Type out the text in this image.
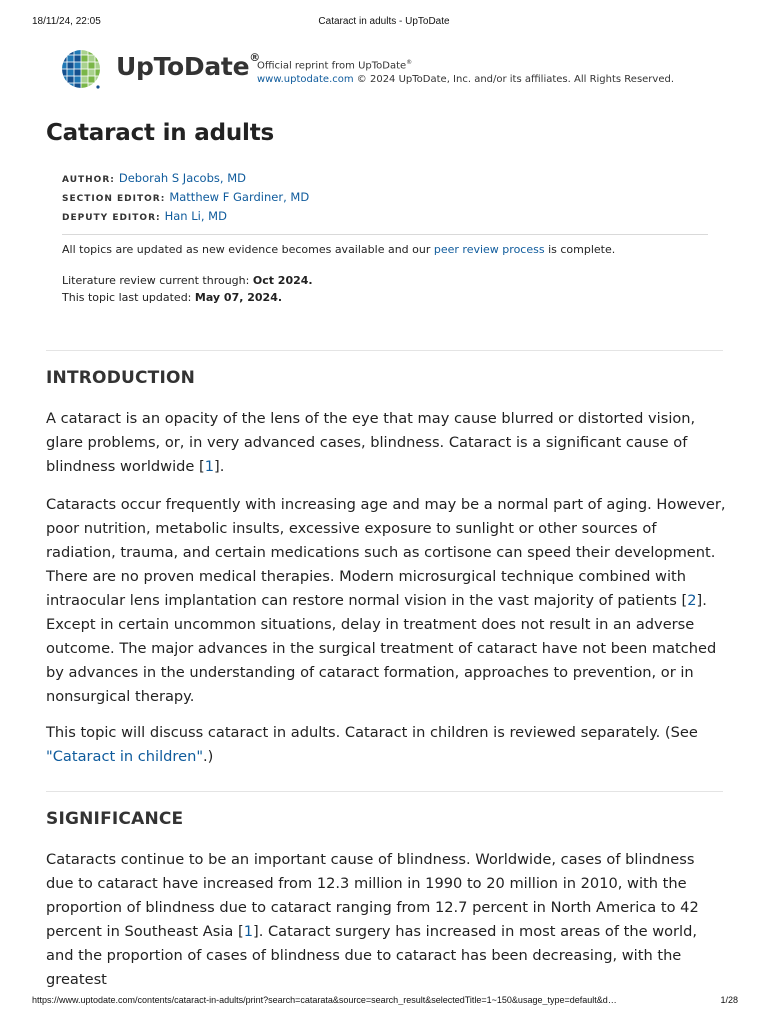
18/11/24, 22:05	Cataract in adults - UpToDate
UpToDate®
Official reprint from UpToDate®
www.uptodate.com © 2024 UpToDate, Inc. and/or its affiliates. All Rights Reserved.
Cataract in adults
AUTHOR: Deborah S Jacobs, MD
SECTION EDITOR: Matthew F Gardiner, MD
DEPUTY EDITOR: Han Li, MD
All topics are updated as new evidence becomes available and our peer review process is complete.
Literature review current through: Oct 2024.
This topic last updated: May 07, 2024.
INTRODUCTION

A cataract is an opacity of the lens of the eye that may cause blurred or distorted vision, glare problems, or, in very advanced cases, blindness. Cataract is a significant cause of blindness worldwide [1].

Cataracts occur frequently with increasing age and may be a normal part of aging. However, poor nutrition, metabolic insults, excessive exposure to sunlight or other sources of radiation, trauma, and certain medications such as cortisone can speed their development. There are no proven medical therapies. Modern microsurgical technique combined with intraocular lens implantation can restore normal vision in the vast majority of patients [2]. Except in certain uncommon situations, delay in treatment does not result in an adverse outcome. The major advances in the surgical treatment of cataract have not been matched by advances in the understanding of cataract formation, approaches to prevention, or in nonsurgical therapy.

This topic will discuss cataract in adults. Cataract in children is reviewed separately. (See "Cataract in children".)

SIGNIFICANCE

Cataracts continue to be an important cause of blindness. Worldwide, cases of blindness due to cataract have increased from 12.3 million in 1990 to 20 million in 2010, with the proportion of blindness due to cataract ranging from 12.7 percent in North America to 42 percent in Southeast Asia [1]. Cataract surgery has increased in most areas of the world, and the proportion of cases of blindness due to cataract has been decreasing, with the greatest

https://www.uptodate.com/contents/cataract-in-adults/print?search=catarata&source=search_result&selectedTitle=1~150&usage_type=default&d…	1/28
